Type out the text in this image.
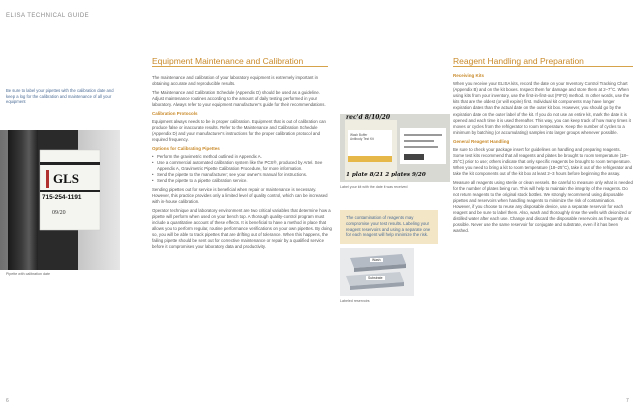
ELISA TECHNICAL GUIDE
Equipment Maintenance and Calibration
Be sure to label your pipettes with the calibration date and keep a log for the calibration and maintenance of all your equipment
GLS
715-254-1191
09/20
Pipette with calibration date

The maintenance and calibration of your laboratory equipment is extremely important in obtaining accurate and reproducible results.

The Maintenance and Calibration Schedule (Appendix D) should be used as a guideline. Adjust maintenance routines according to the amount of daily testing performed in your laboratory. Always refer to your equipment manufacturer's guide for their recommendations.

Calibration Protocols

Equipment always needs to be in proper calibration. Equipment that is out of calibration can produce false or inaccurate results. Refer to the Maintenance and Calibration Schedule (Appendix D) and your manufacturer's instructions for the proper calibration protocol and required frequency.

Options for Calibrating Pipettes
• Perform the gravimetric method outlined in Appendix A.
• Use a commercial automated calibration system like the PCS®, produced by Artel. See Appendix A, Gravimetric Pipette Calibration Procedure, for more information.
• Send the pipette to the manufacturer; see your owner's manual for instructions.
• Send the pipette to a pipette calibration service.

Sending pipettes out for service is beneficial when repair or maintenance is necessary. However, this practice provides only a limited level of quality control, which can be increased with in-house calibration.

Operator technique and laboratory environment are two critical variables that determine how a pipette will perform when used on your bench top. A thorough quality-control program must include a quantitative account of these effects. It is beneficial to have a method in place that allows you to perform regular, routine performance verifications on your own pipettes. By doing so, you will be able to track pipettes that are drifting out of tolerance. When this happens, the failing pipette should be sent out for corrective maintenance or repair by a qualified service before it compromises your laboratory data and productivity.

rec'd 8/10/20
Wash Buffer
Antibody Test Kit
1 plate 8/21 2 plates 9/20
Label your kit with the date it was received
The contamination of reagents may compromise your test results. Labeling your reagent reservoirs and using a separate one for each reagent will help minimize the risk.
Wash
Substrate
Labeled reservoirs
Reagent Handling and Preparation
Receiving Kits

When you receive your ELISA kits, record the date on your Inventory Control Tracking Chart (Appendix B) and on the kit boxes. Inspect them for damage and store them at 2–7°C. When using kits from your inventory, use the first-in-first-out (FIFO) method. In other words, use the kits that are the oldest (or will expire) first. Individual kit components may have longer expiration dates than the actual date on the outer kit box. However, you should go by the expiration date on the outer label of the kit. If you do not use an entire kit, mark the date it is opened and each time it is used thereafter. This way, you can keep track of how many times it moves or cycles from the refrigerator to room temperature. Keep the number of cycles to a minimum by batching (or accumulating) samples into larger groups whenever possible.

General Reagent Handling

Be sure to check your package insert for guidelines on handling and preparing reagents. Some test kits recommend that all reagents and plates be brought to room temperature (18–25°C) prior to use; others indicate that only specific reagents be brought to room temperature. When you need to bring a kit to room temperature (18–25°C), take it out of the refrigerator and take the kit components out of the kit box at least 2–3 hours before beginning the assay.

Measure all reagents using sterile or clean vessels. Be careful to measure only what is needed for the number of plates being run. This will help to maintain the integrity of the reagents. Do not return reagents to the original stock bottles. We strongly recommend using disposable pipettes and reservoirs when handling reagents to minimize the risk of contamination. However, if you choose to reuse any disposable device, use a separate reservoir for each reagent and be sure to label them. Also, wash and thoroughly rinse the wells with deionized or distilled water after each use. Change and discard the disposable reservoirs as frequently as possible. Never use the same reservoir for conjugate and substrate, even if it has been washed.

6	7
